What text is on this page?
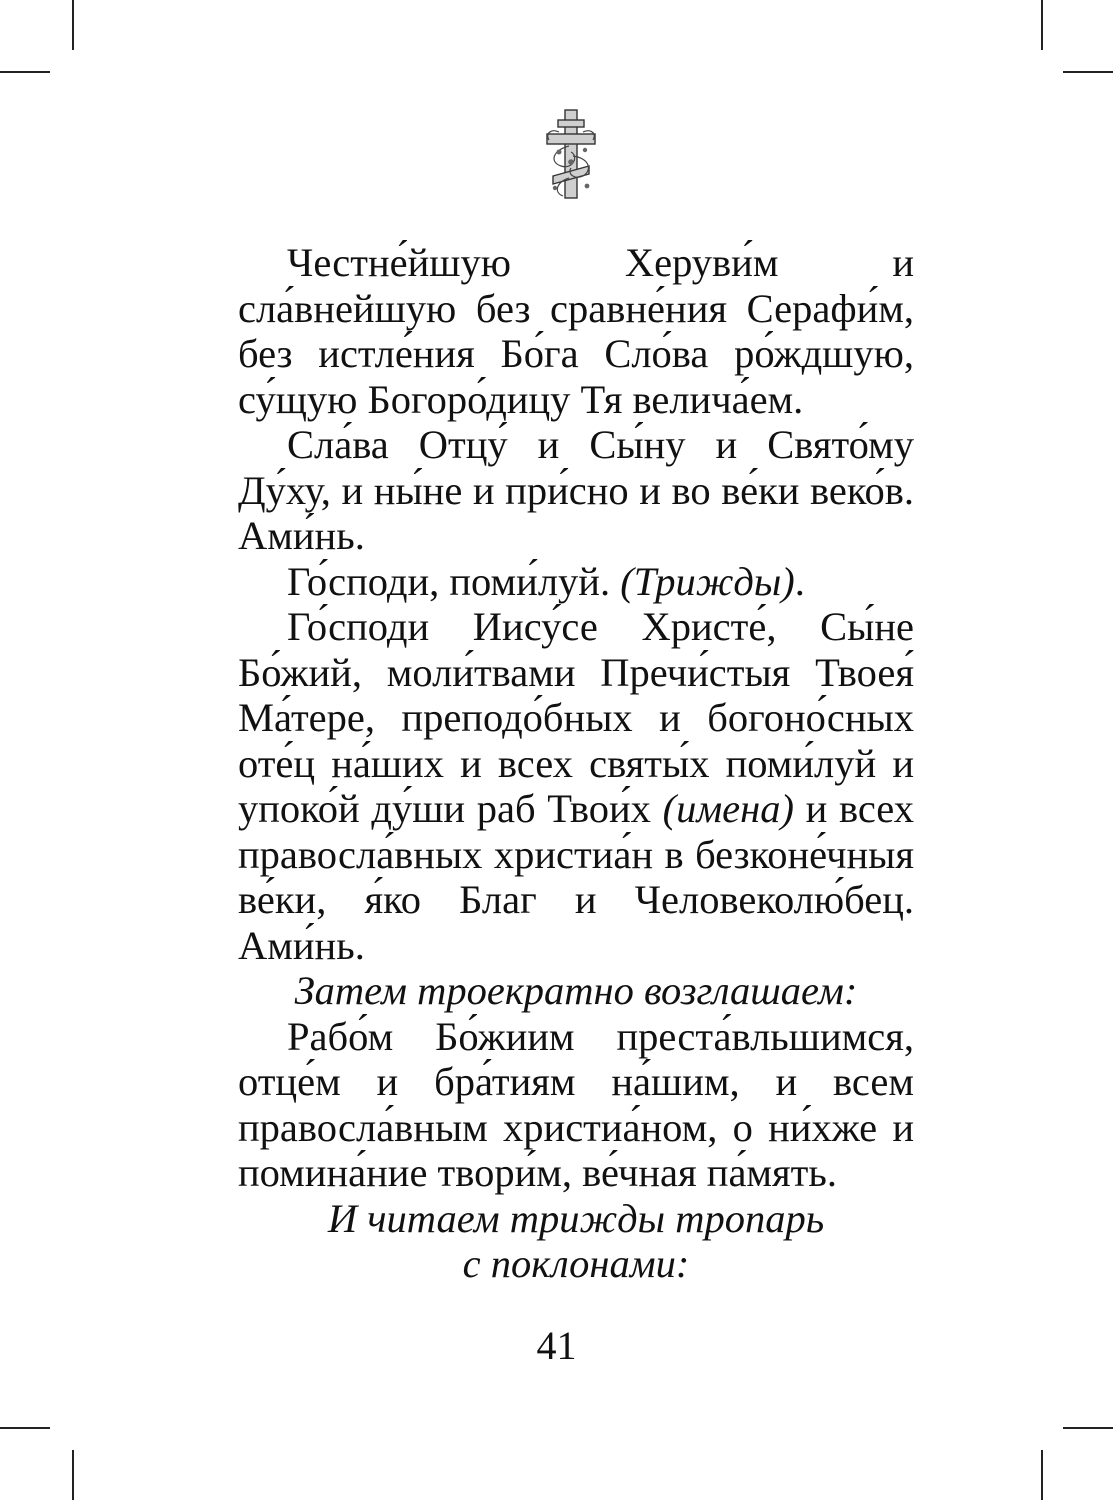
Честне́йшую Херуви́м и сла́внейшую без сравне́ния Серафи́м, без истле́ния Бо́га Сло́ва ро́ждшую, су́щую Богоро́дицу Тя велича́ем.

Сла́ва Отцу́ и Сы́ну и Свято́му Ду́ху, и ны́не и при́сно и во ве́ки веко́в. Ами́нь.

Го́споди, поми́луй. (Трижды).

Го́споди Иису́се Христе́, Сы́не Бо́жий, моли́твами Пречи́стыя Твоея́ Ма́тере, преподо́бных и богоно́сных оте́ц на́ших и всех святы́х поми́луй и упоко́й ду́ши раб Твои́х (имена) и всех правосла́вных христиа́н в безконе́чныя ве́ки, я́ко Благ и Человеколю́бец. Ами́нь.

Затем троекратно возглашаем:

Рабо́м Бо́жиим преста́вльшимся, отце́м и бра́тиям на́шим, и всем правосла́вным христиа́ном, о ни́хже и помина́ние твори́м, ве́чная па́мять.

И читаем трижды тропарь
с поклонами:

41
